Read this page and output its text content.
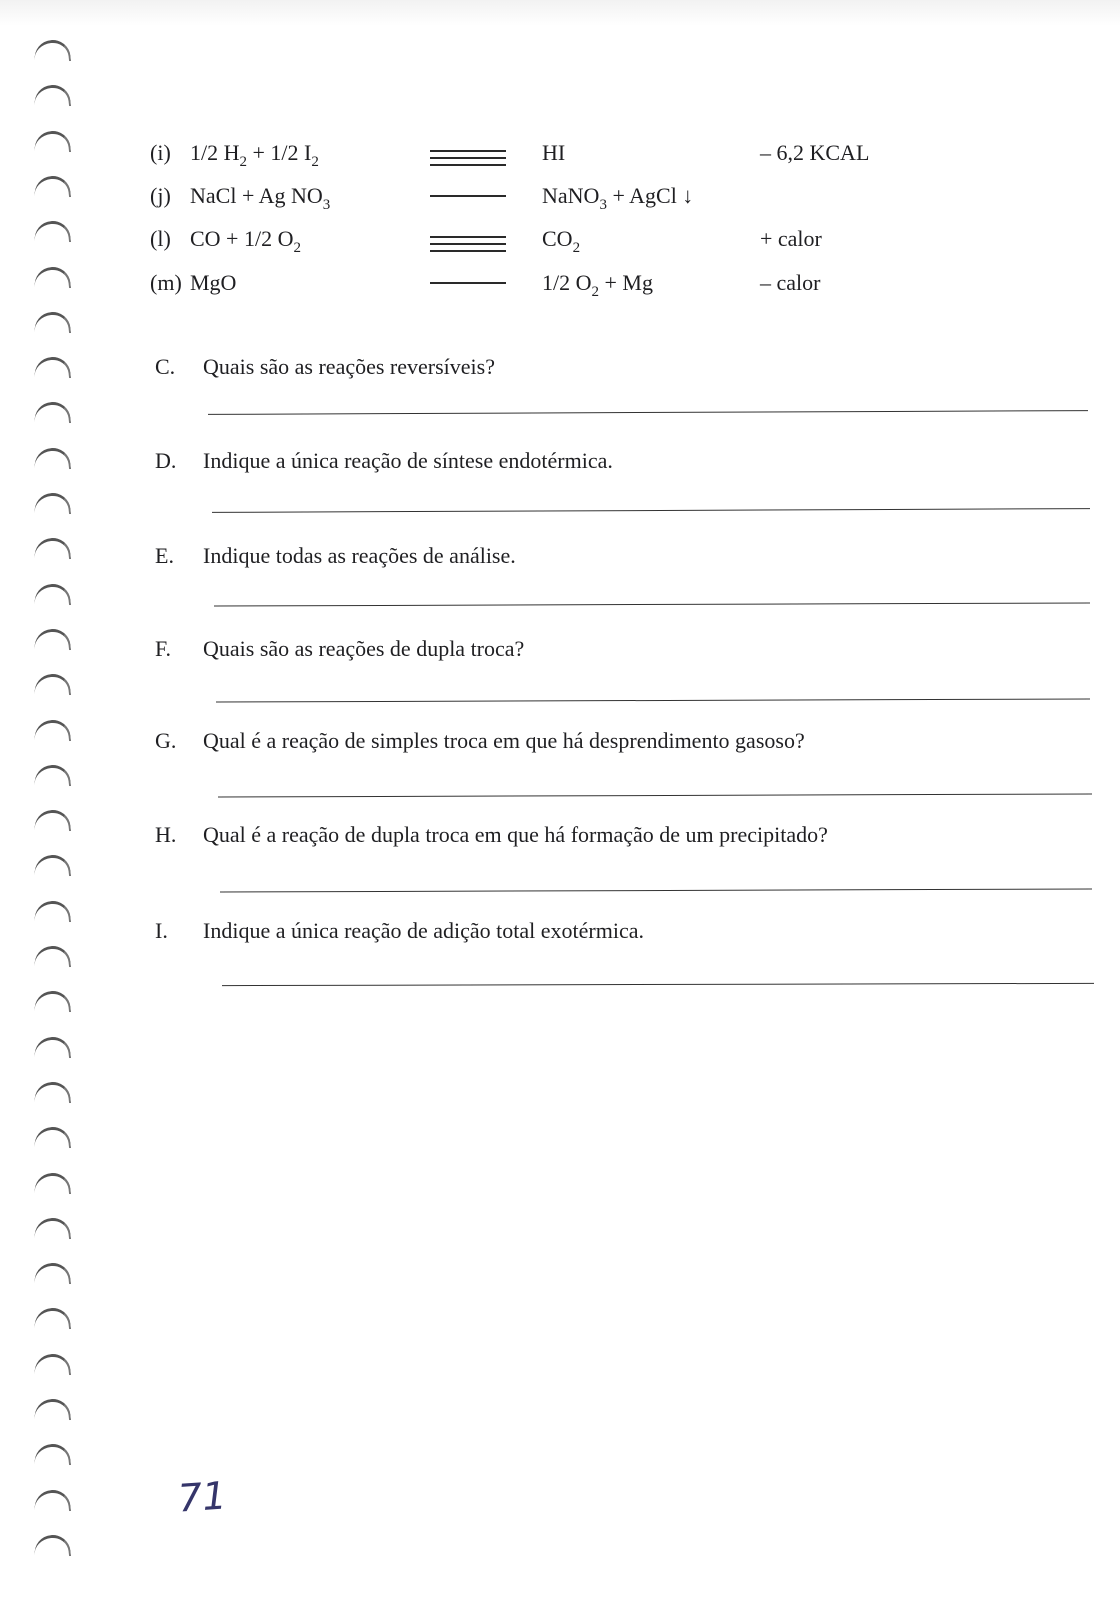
(i) 1/2 $H_2 + 1/2$ $I_2$	HI	– 6,2 KCAL
(j) NaCl + Ag $NO_3$	NaNO$_3$ + AgCl ↓
(l) CO + 1/2 $O_2$	$CO_2$	+ calor
(m) MgO	1/2 $O_2 + Mg$	– calor
C. Quais são as reações reversíveis?
D. Indique a única reação de síntese endotérmica.
E. Indique todas as reações de análise.
F. Quais são as reações de dupla troca?
G. Qual é a reação de simples troca em que há desprendimento gasoso?
H. Qual é a reação de dupla troca em que há formação de um precipitado?
I. Indique a única reação de adição total exotérmica.
71
